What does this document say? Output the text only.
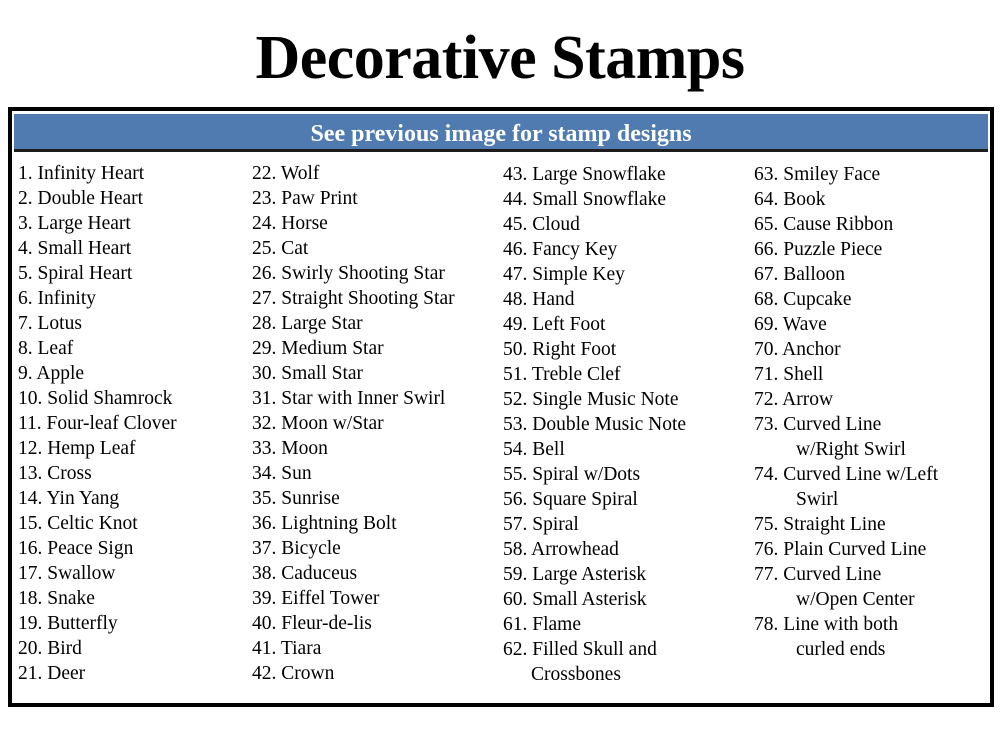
Decorative Stamps
See previous image for stamp designs
1. Infinity Heart
2. Double Heart
3. Large Heart
4. Small Heart
5. Spiral Heart
6. Infinity
7. Lotus
8. Leaf
9. Apple
10. Solid Shamrock
11. Four-leaf Clover
12. Hemp Leaf
13. Cross
14. Yin Yang
15. Celtic Knot
16. Peace Sign
17. Swallow
18. Snake
19. Butterfly
20. Bird
21. Deer
22. Wolf
23. Paw Print
24. Horse
25. Cat
26. Swirly Shooting Star
27. Straight Shooting Star
28. Large Star
29. Medium Star
30. Small Star
31. Star with Inner Swirl
32. Moon w/Star
33. Moon
34. Sun
35. Sunrise
36. Lightning Bolt
37. Bicycle
38. Caduceus
39. Eiffel Tower
40. Fleur-de-lis
41. Tiara
42. Crown
43. Large Snowflake
44. Small Snowflake
45. Cloud
46. Fancy Key
47. Simple Key
48. Hand
49. Left Foot
50. Right Foot
51. Treble Clef
52. Single Music Note
53. Double Music Note
54. Bell
55. Spiral w/Dots
56. Square Spiral
57. Spiral
58. Arrowhead
59. Large Asterisk
60. Small Asterisk
61. Flame
62. Filled Skull and
Crossbones
63. Smiley Face
64. Book
65. Cause Ribbon
66. Puzzle Piece
67. Balloon
68. Cupcake
69. Wave
70. Anchor
71. Shell
72. Arrow
73. Curved Line
w/Right Swirl
74. Curved Line w/Left
Swirl
75. Straight Line
76. Plain Curved Line
77. Curved Line
w/Open Center
78. Line with both
curled ends
